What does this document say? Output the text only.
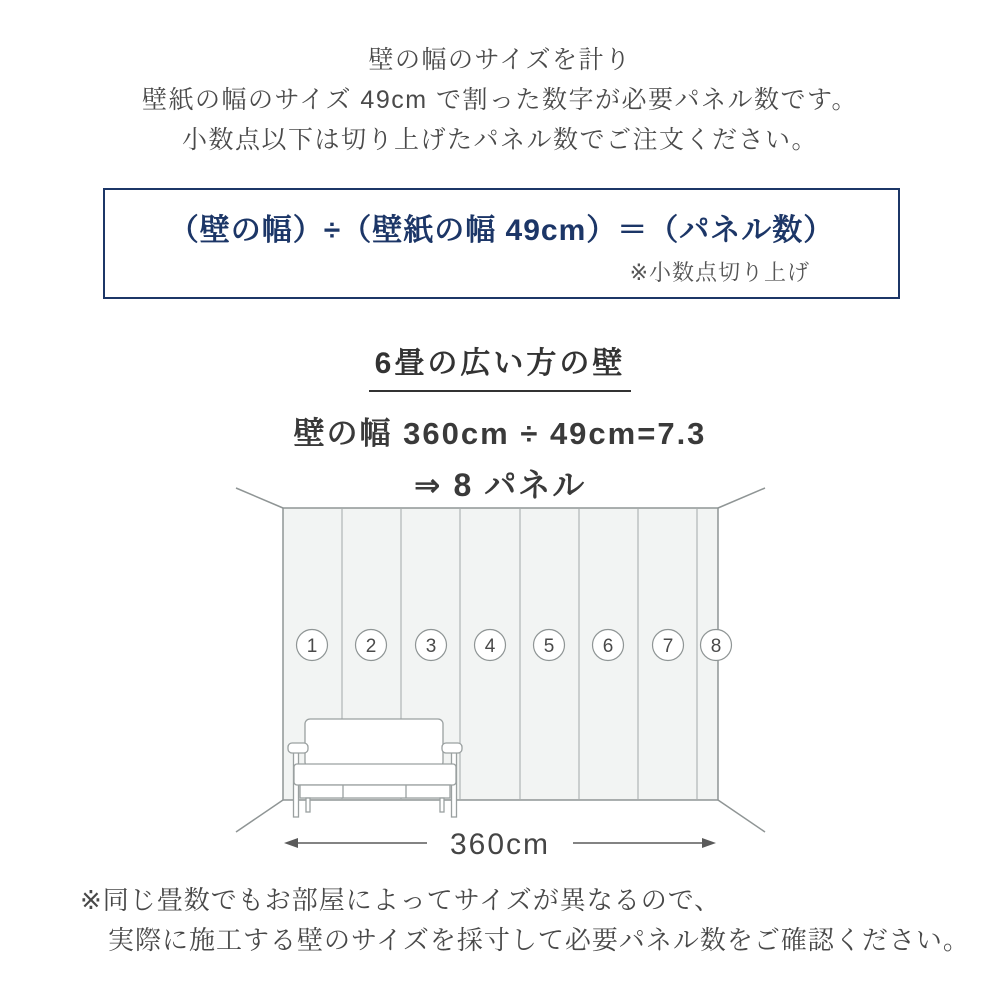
壁の幅のサイズを計り
壁紙の幅のサイズ 49cm で割った数字が必要パネル数です。
小数点以下は切り上げたパネル数でご注文ください。
（壁の幅）÷（壁紙の幅 49cm）＝（パネル数）
※小数点切り上げ
6畳の広い方の壁
壁の幅 360cm ÷ 49cm=7.3
⇒ 8 パネル
1	2	3	4	5	6	7 8
360cm
※同じ畳数でもお部屋によってサイズが異なるので、
実際に施工する壁のサイズを採寸して必要パネル数をご確認ください。
